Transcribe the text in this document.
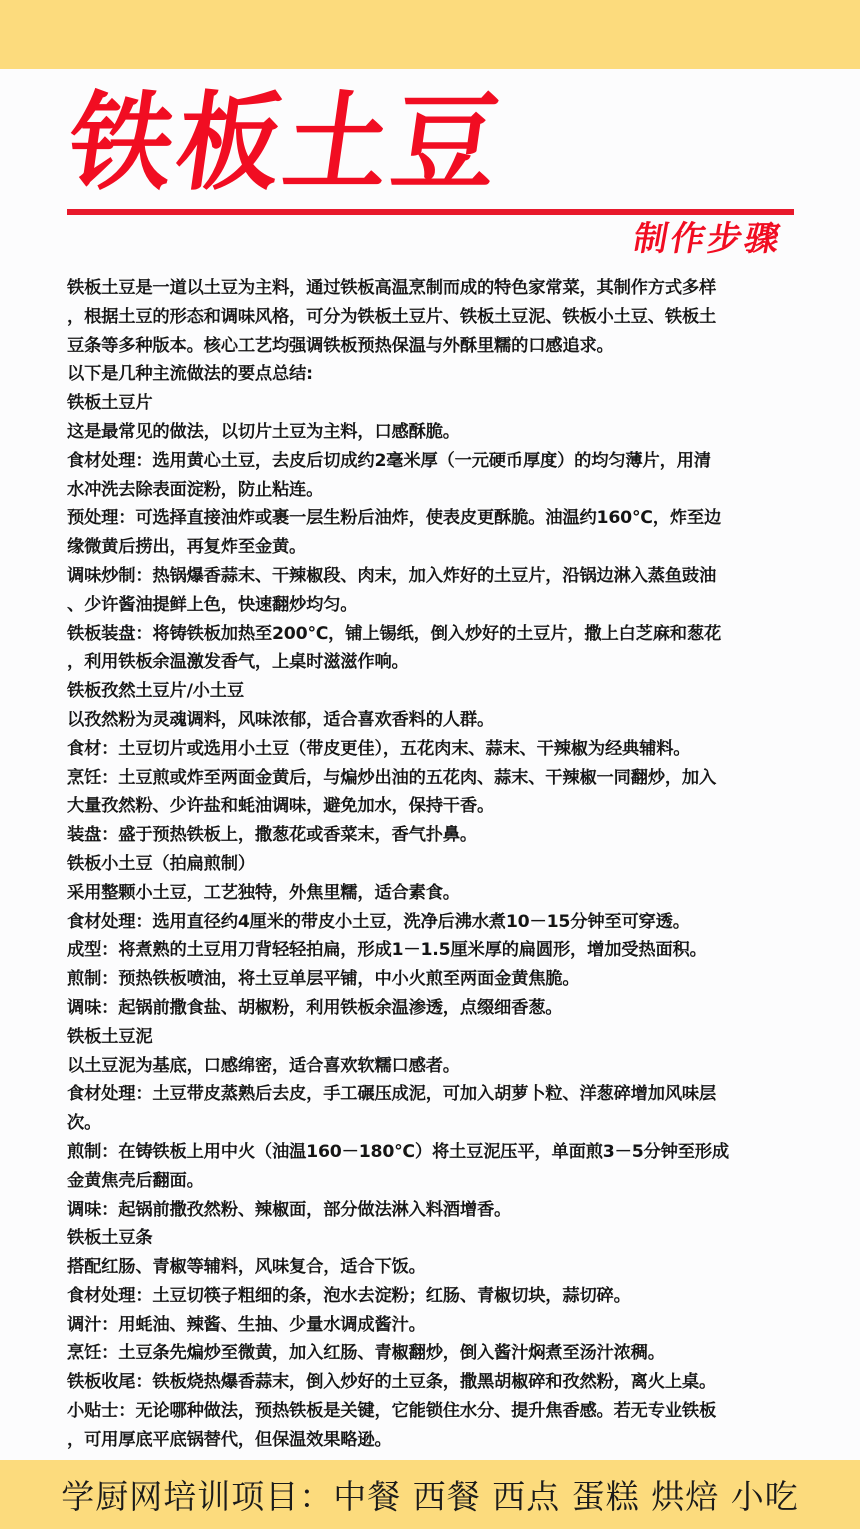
铁板土豆
制作步骤
铁板土豆是一道以土豆为主料，通过铁板高温烹制而成的特色家常菜，其制作方式多样
，根据土豆的形态和调味风格，可分为铁板土豆片、铁板土豆泥、铁板小土豆、铁板土
豆条等多种版本。核心工艺均强调铁板预热保温与外酥里糯的口感追求。
以下是几种主流做法的要点总结:
铁板土豆片
这是最常见的做法，以切片土豆为主料，口感酥脆。
食材处理：选用黄心土豆，去皮后切成约2毫米厚（一元硬币厚度）的均匀薄片，用清
水冲洗去除表面淀粉，防止粘连。
预处理：可选择直接油炸或裹一层生粉后油炸，使表皮更酥脆。油温约160℃，炸至边
缘微黄后捞出，再复炸至金黄。
调味炒制：热锅爆香蒜末、干辣椒段、肉末，加入炸好的土豆片，沿锅边淋入蒸鱼豉油
、少许酱油提鲜上色，快速翻炒均匀。
铁板装盘：将铸铁板加热至200℃，铺上锡纸，倒入炒好的土豆片，撒上白芝麻和葱花
，利用铁板余温激发香气，上桌时滋滋作响。
铁板孜然土豆片/小土豆
以孜然粉为灵魂调料，风味浓郁，适合喜欢香料的人群。
食材：土豆切片或选用小土豆（带皮更佳），五花肉末、蒜末、干辣椒为经典辅料。
烹饪：土豆煎或炸至两面金黄后，与煸炒出油的五花肉、蒜末、干辣椒一同翻炒，加入
大量孜然粉、少许盐和蚝油调味，避免加水，保持干香。
装盘：盛于预热铁板上，撒葱花或香菜末，香气扑鼻。
铁板小土豆（拍扁煎制）
采用整颗小土豆，工艺独特，外焦里糯，适合素食。
食材处理：选用直径约4厘米的带皮小土豆，洗净后沸水煮10－15分钟至可穿透。
成型：将煮熟的土豆用刀背轻轻拍扁，形成1－1.5厘米厚的扁圆形，增加受热面积。
煎制：预热铁板喷油，将土豆单层平铺，中小火煎至两面金黄焦脆。
调味：起锅前撒食盐、胡椒粉，利用铁板余温渗透，点缀细香葱。
铁板土豆泥
以土豆泥为基底，口感绵密，适合喜欢软糯口感者。
食材处理：土豆带皮蒸熟后去皮，手工碾压成泥，可加入胡萝卜粒、洋葱碎增加风味层
次。
煎制：在铸铁板上用中火（油温160－180℃）将土豆泥压平，单面煎3－5分钟至形成
金黄焦壳后翻面。
调味：起锅前撒孜然粉、辣椒面，部分做法淋入料酒增香。
铁板土豆条
搭配红肠、青椒等辅料，风味复合，适合下饭。
食材处理：土豆切筷子粗细的条，泡水去淀粉；红肠、青椒切块，蒜切碎。
调汁：用蚝油、辣酱、生抽、少量水调成酱汁。
烹饪：土豆条先煸炒至微黄，加入红肠、青椒翻炒，倒入酱汁焖煮至汤汁浓稠。
铁板收尾：铁板烧热爆香蒜末，倒入炒好的土豆条，撒黑胡椒碎和孜然粉，离火上桌。
小贴士：无论哪种做法，预热铁板是关键，它能锁住水分、提升焦香感。若无专业铁板
，可用厚底平底锅替代，但保温效果略逊。
学厨网培训项目：中餐 西餐 西点 蛋糕 烘焙 小吃
